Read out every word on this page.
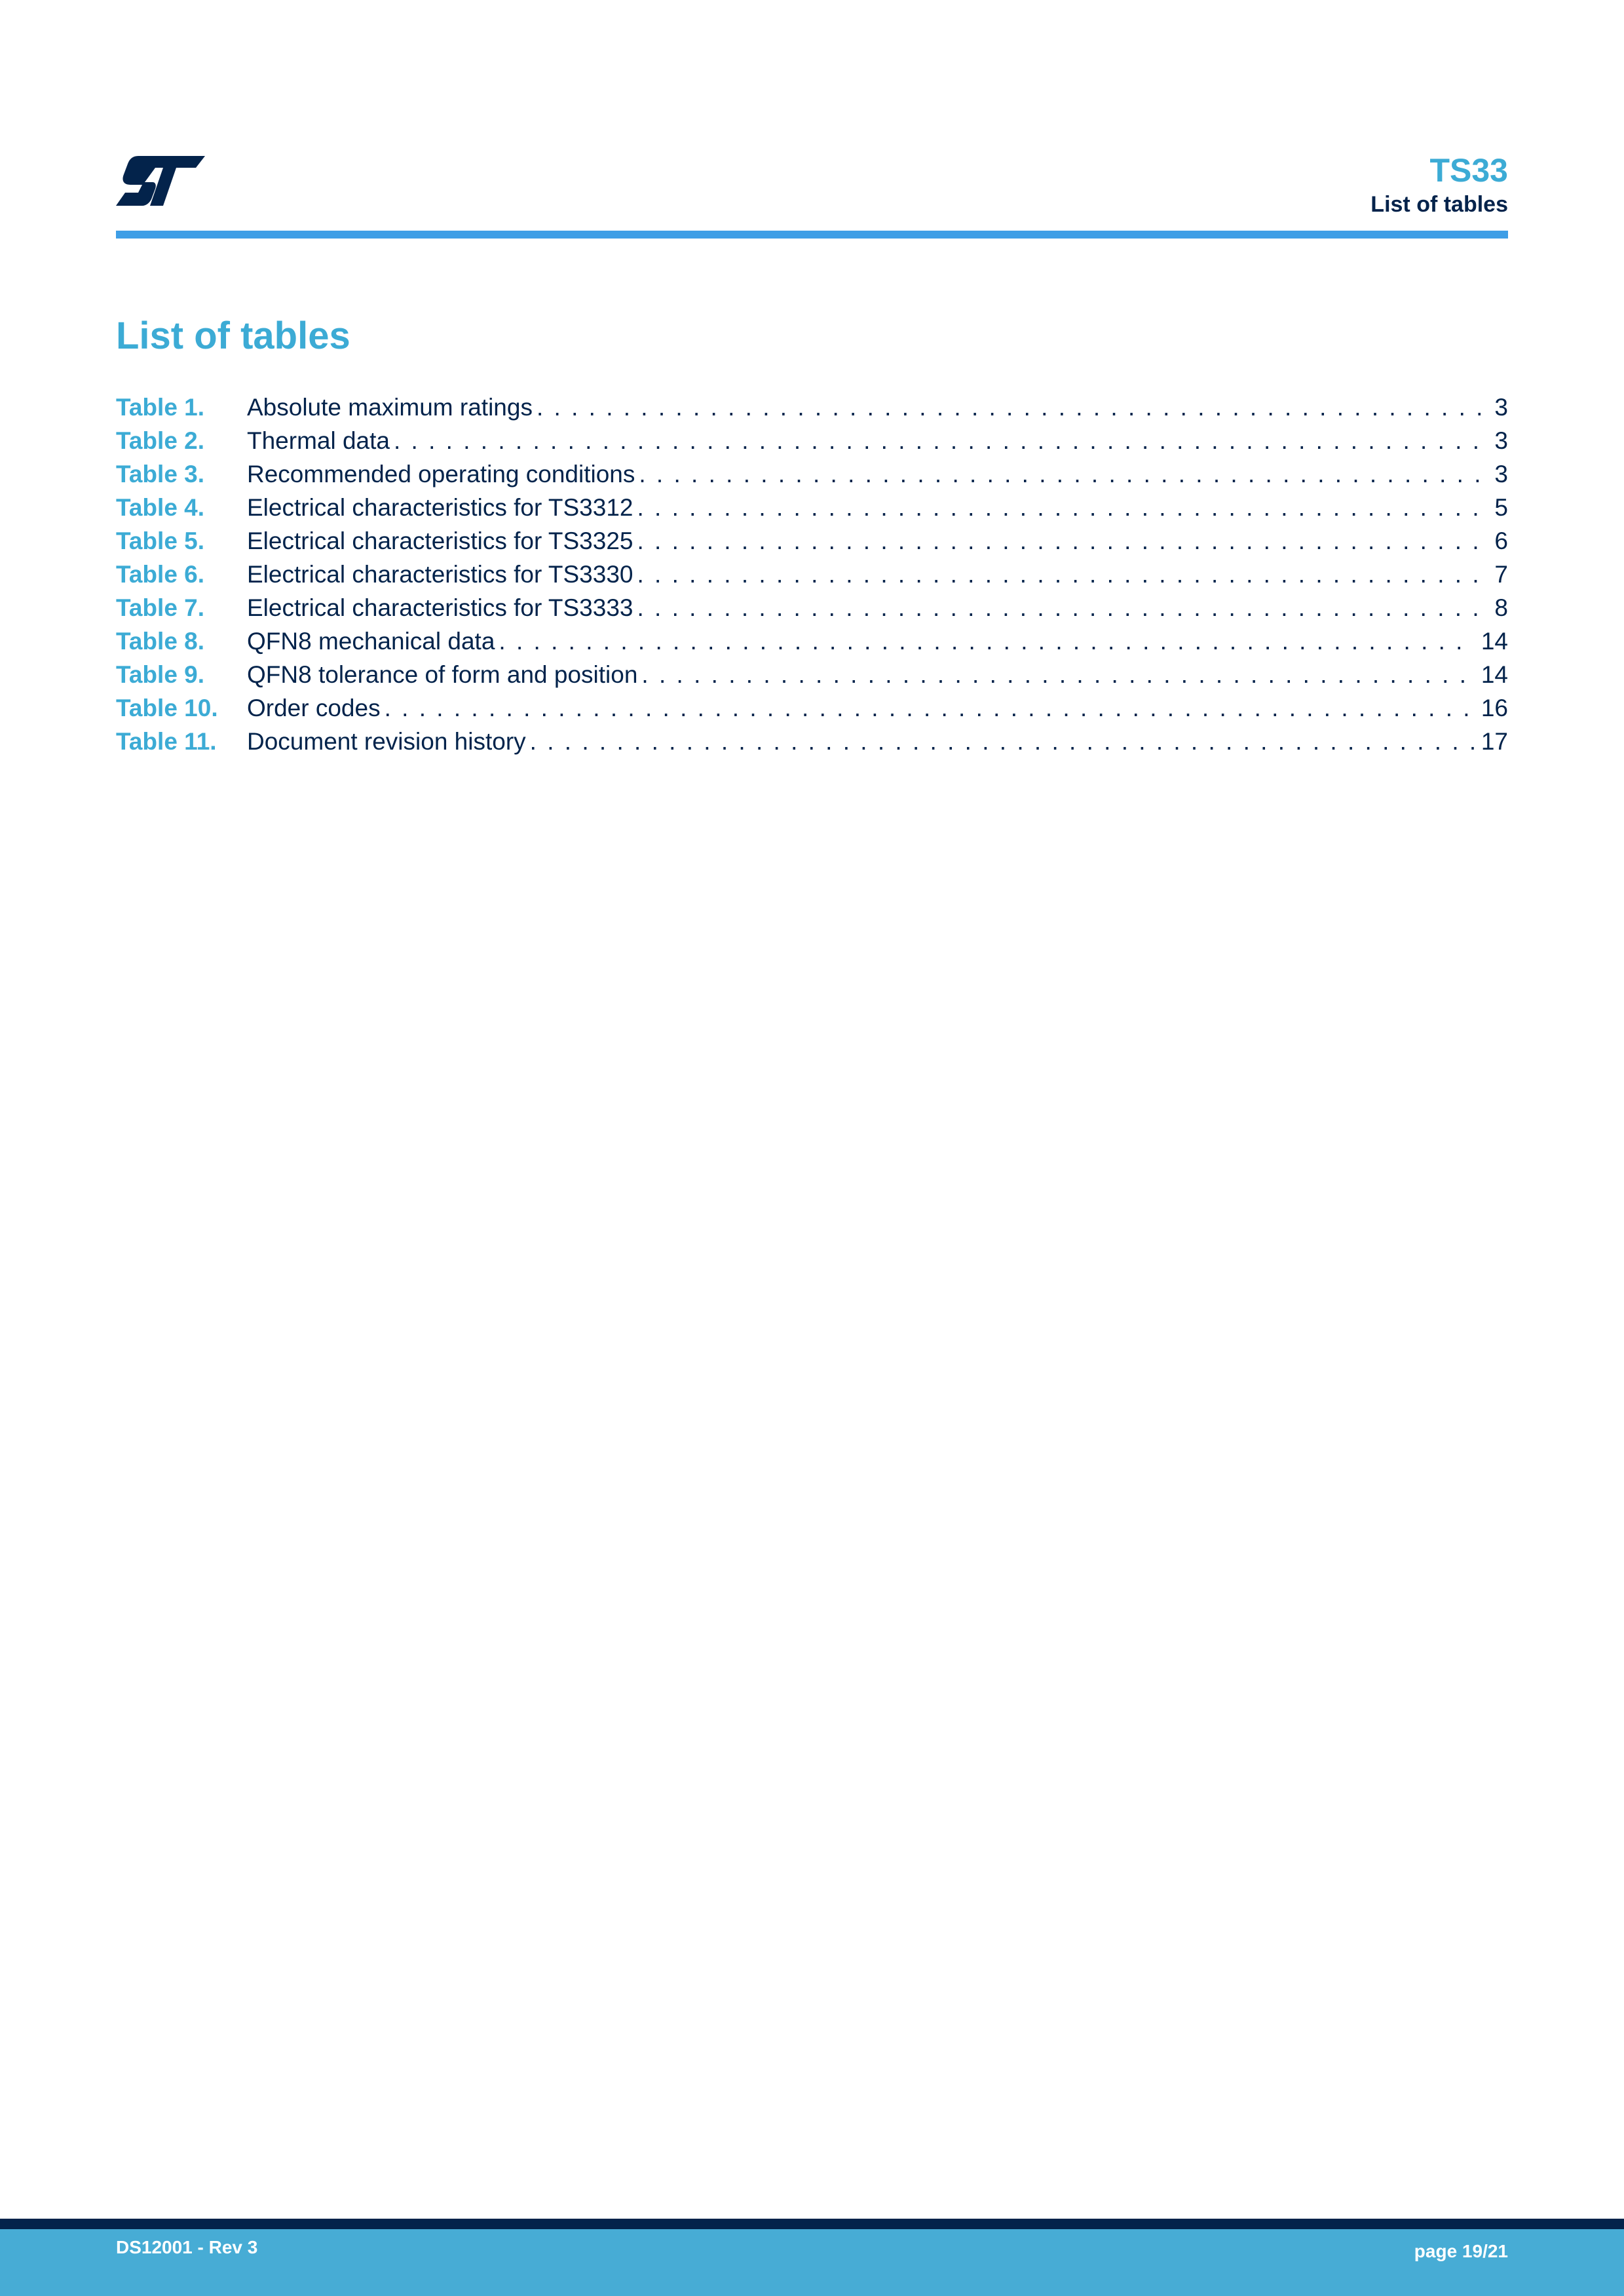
TS33
List of tables
List of tables
Table 1.	Absolute maximum ratings . . .	3
Table 2.	Thermal data . . .	3
Table 3.	Recommended operating conditions . . .	3
Table 4.	Electrical characteristics for TS3312 . . .	5
Table 5.	Electrical characteristics for TS3325 . . .	6
Table 6.	Electrical characteristics for TS3330 . . .	7
Table 7.	Electrical characteristics for TS3333 . . .	8
Table 8.	QFN8 mechanical data . . .	14
Table 9.	QFN8 tolerance of form and position . . .	14
Table 10.	Order codes . . .	16
Table 11.	Document revision history . . .	17
DS12001 - Rev 3	page 19/21
